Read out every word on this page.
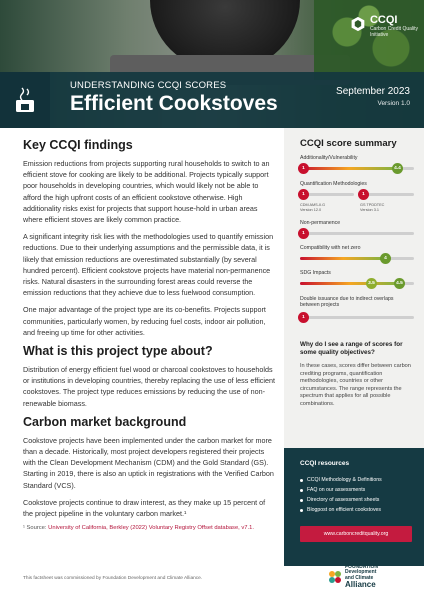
CCQI
Carbon Credit Quality Initiative
UNDERSTANDING CCQI SCORES
Efficient Cookstoves
September 2023
Version 1.0
Key CCQI findings

Emission reductions from projects supporting rural households to switch to an efficient stove for cooking are likely to be additional. Projects typically support poor households in developing countries, which would likely not be able to afford the high upfront costs of an efficient cookstove otherwise. High additionality risks exist for projects that support house-hold in urban areas where efficient stoves are likely common practice.

A significant integrity risk lies with the methodologies used to quantify emission reductions. Due to their underlying assumptions and the permissible data, it is likely that emission reductions are overestimated substantially (by several hundred percent). Efficient cookstove projects have material non-permanence risks. Natural disasters in the surrounding forest areas could reverse the emission reductions that they achieve due to less fuelwood consumption.

One major advantage of the project type are its co-benefits. Projects support communities, particularly women, by reducing fuel costs, indoor air pollution, and freeing up time for other activities.

What is this project type about?

Distribution of energy efficient fuel wood or charcoal cookstoves to households or institutions in developing countries, thereby replacing the use of less efficient cookstoves. The project type reduces emissions by reducing the use of non-renewable biomass.

Carbon market background

Cookstove projects have been implemented under the carbon market for more than a decade. Historically, most project developers registered their projects with the Clean Development Mechanism (CDM) and the Gold Standard (GS). Starting in 2019, there is also an uptick in registrations with the Verified Carbon Standard (VCS).

Cookstove projects continue to draw interest, as they make up 15 percent of the project pipeline in the voluntary carbon market.¹

¹ Source: University of California, Berkley (2022) Voluntary Registry Offset database, v7.1.
CCQI score summary
Additionality/Vulnerability
1	4.4
Quantification Methodologies
1
CDM AMS-II.G
Version 12.0
1
GS TPDDTEC
Version 3.1
Non-permanence
1
Compatibility with net zero
4
SDG Impacts
3.5	4.5
Double issuance due to indirect overlaps between projects
1
Why do I see a range of scores for some quality objectives?

In these cases, scores differ between carbon crediting programs, quantification methodologies, countries or other circumstances. The range represents the spectrum that applies for all possible combinations.

CCQI resources
CCQI Methodology & Definitions
FAQ on our assessments
Directory of assessment sheets
Blogpost on efficient cookstoves
www.carboncreditquality.org
This factsheet was commissioned by Foundation Development and Climate Alliance.
FOUNDATION
Development
and Climate
Alliance
